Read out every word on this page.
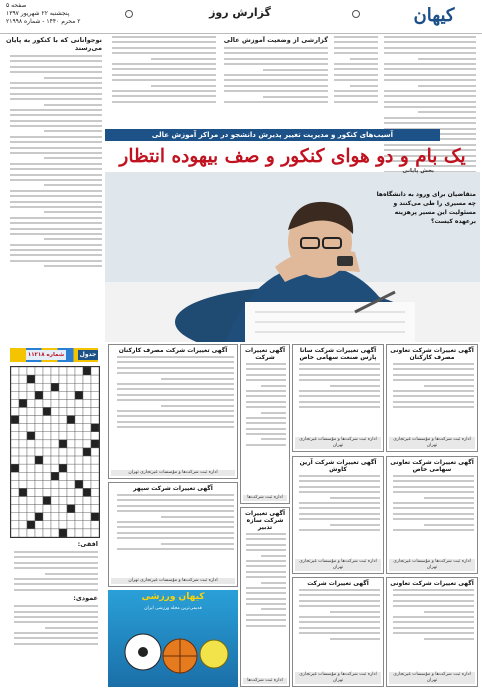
صفحه ۵
پنجشنبه ۲۲ شهریور ۱۳۹۷
۲ محرم ۱۴۴۰ - شماره ۲۱۹۹۸
گزارش روز	کیهان
نوجوانانی که با کنکور به پایان می‌رسند
گزارشی از وضعیت آموزش عالی
آسیب‌های کنکور و مدیریت تغییر پذیرش دانشجو در مراکز آموزش عالی
یک بام و دو هوای کنکور و صف بیهوده انتظار
بخش پایانی
متقاضیان برای ورود به دانشگاه‌ها چه مسیری را طی می‌کنند و مسئولیت این مسیر پرهزینه برعهده کیست؟
جدول
شماره ۱۱۲۱۸
افقی:
عمودی:
آگهی تغییرات شرکت تعاونی مصرف کارکنان
اداره ثبت شرکت‌ها و مؤسسات غیرتجاری تهران
آگهی تغییرات شرکت سانا پارس صنعت سهامی خاص
اداره ثبت شرکت‌ها و مؤسسات غیرتجاری تهران
آگهی تغییرات شرکت
اداره ثبت شرکت‌ها
آگهی تغییرات شرکت مصرف کارکنان
اداره ثبت شرکت‌ها و مؤسسات غیرتجاری تهران
آگهی تغییرات شرکت تعاونی سهامی خاص
اداره ثبت شرکت‌ها و مؤسسات غیرتجاری تهران
آگهی تغییرات شرکت آرین کاوش
اداره ثبت شرکت‌ها و مؤسسات غیرتجاری تهران
آگهی تغییرات شرکت سازه تدبیر
اداره ثبت شرکت‌ها
آگهی تغییرات شرکت سپهر
اداره ثبت شرکت‌ها و مؤسسات غیرتجاری تهران	آگهی تغییرات شرکت تعاونی
اداره ثبت شرکت‌ها و مؤسسات غیرتجاری تهران
آگهی تغییرات شرکت
اداره ثبت شرکت‌ها و مؤسسات غیرتجاری تهران
کیهان ورزشی
قدیمی‌ترین مجله ورزشی ایران
